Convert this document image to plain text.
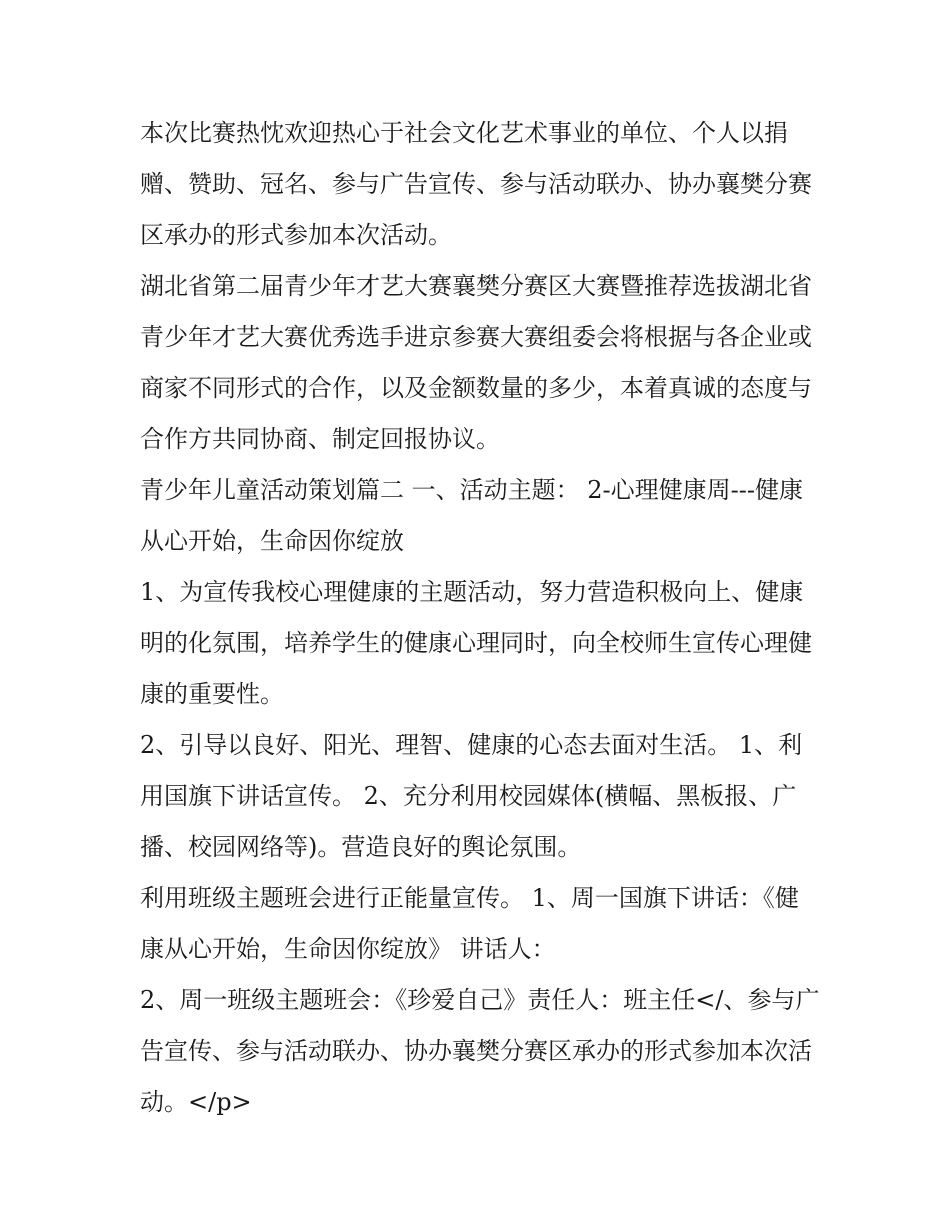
本次比赛热忱欢迎热心于社会文化艺术事业的单位、个人以捐赠、赞助、冠名、参与广告宣传、参与活动联办、协办襄樊分赛区承办的形式参加本次活动。

湖北省第二届青少年才艺大赛襄樊分赛区大赛暨推荐选拔湖北省青少年才艺大赛优秀选手进京参赛大赛组委会将根据与各企业或商家不同形式的合作，以及金额数量的多少，本着真诚的态度与合作方共同协商、制定回报协议。

青少年儿童活动策划篇二 一、活动主题： 2-心理健康周---健康从心开始，生命因你绽放

1、为宣传我校心理健康的主题活动，努力营造积极向上、健康明的化氛围，培养学生的健康心理同时，向全校师生宣传心理健康的重要性。

2、引导以良好、阳光、理智、健康的心态去面对生活。 1、利用国旗下讲话宣传。 2、充分利用校园媒体(横幅、黑板报、广播、校园网络等)。营造良好的舆论氛围。

利用班级主题班会进行正能量宣传。 1、周一国旗下讲话：《健康从心开始，生命因你绽放》 讲话人：

2、周一班级主题班会：《珍爱自己》责任人：班主任</、参与广告宣传、参与活动联办、协办襄樊分赛区承办的形式参加本次活动。</p>
